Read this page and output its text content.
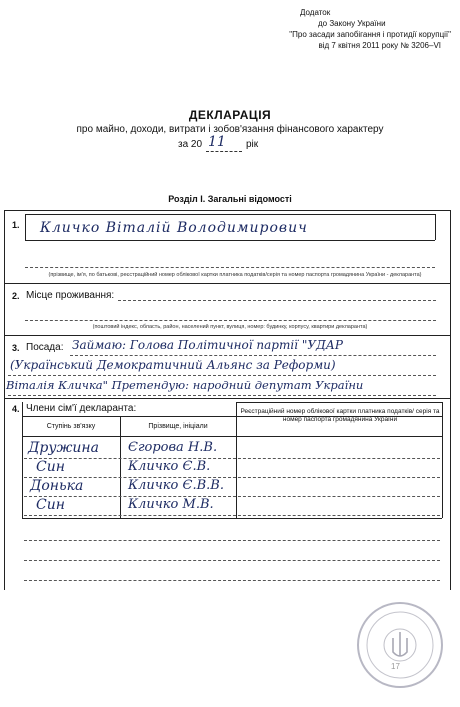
Додаток
до Закону України
"Про засади запобігання і протидії корупції"
від 7 квітня 2011 року № 3206–VI
ДЕКЛАРАЦІЯ
про майно, доходи, витрати і зобов'язання фінансового характеру
за 20 11 рік
Розділ І. Загальні відомості
1. Кличко Віталій Володимирович
(прізвище, ім'я, по батькові, реєстраційний номер облікової картки платника податків/серія та номер паспорта громадянина України - декларанта)
2. Місце проживання:
(поштовий індекс, область, район, населений пункт, вулиця, номер: будинку, корпусу, квартири декларанта)
3. Посада: Займаю: Голова Політичної партії "УДАР
(Український Демократичний Альянс за Реформи)
Віталія Кличка" Претендую: народний депутат України
4. Члени сім'ї декларанта:
Ступінь зв'язку	Прізвище, ініціали
Реєстраційний номер облікової картки платника податків/ серія та номер паспорта громадянина України
Дружина Єгорова Н.В.
Син	Кличко Є.В.
Донька	Кличко Є.В.В.
Син	Кличко М.В.
17
